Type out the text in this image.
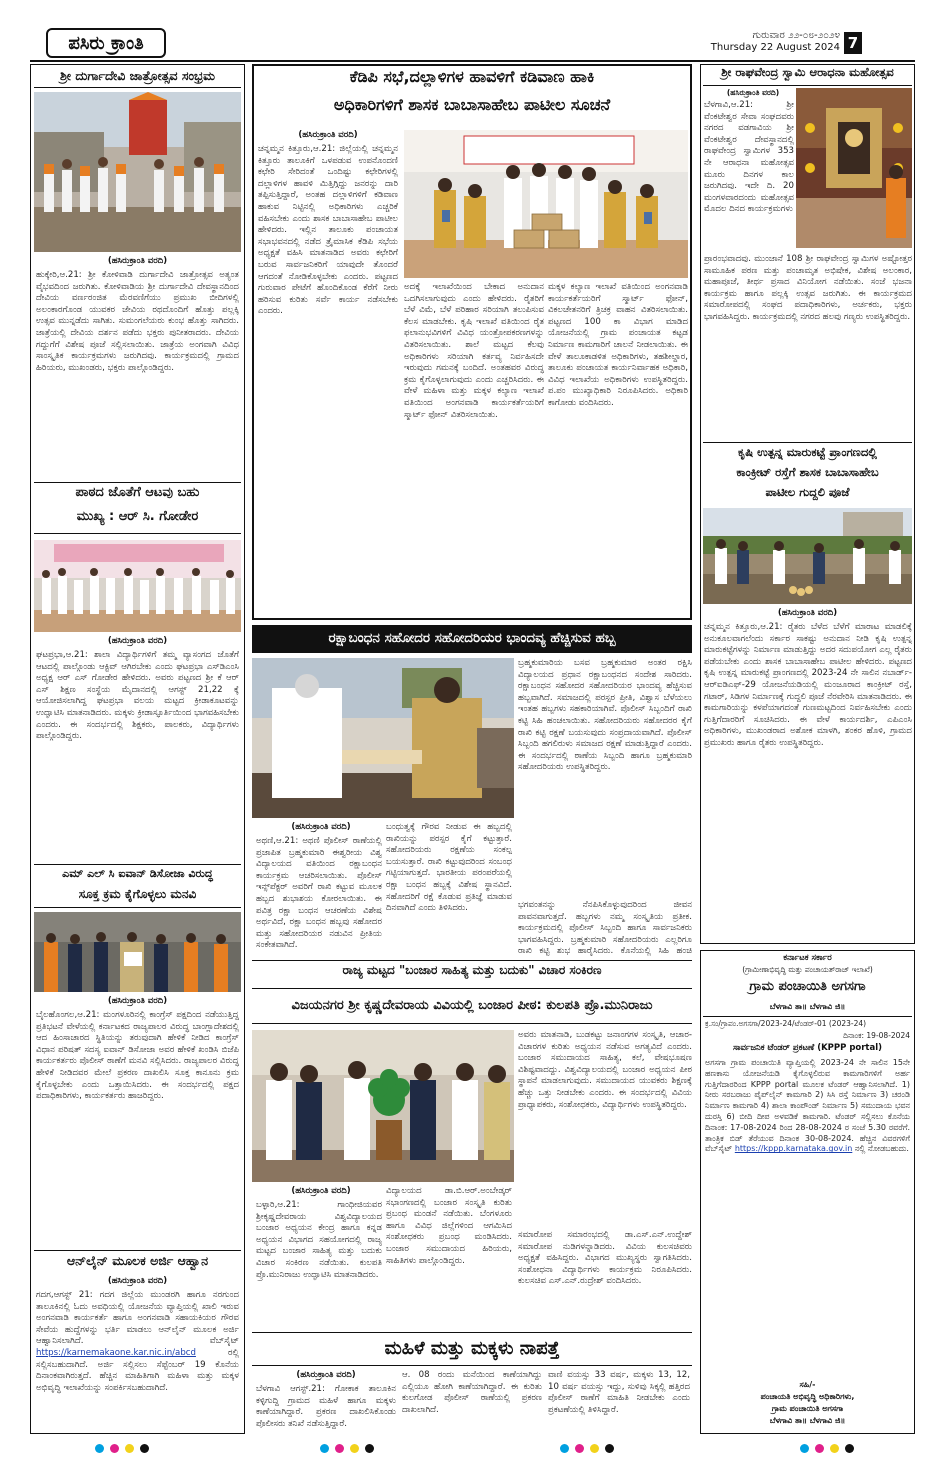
ಪಸಿರು ಕ್ರಾಂತಿ	ಗುರುವಾರ ೨೨-೦೮-೨೦೨೪
Thursday 22 August 2024 7
ಶ್ರೀ ದುರ್ಗಾದೇವಿ ಜಾತ್ರೋತ್ಸವ ಸಂಭ್ರಮ
(ಹಸಿರುಕ್ರಾಂತಿ ವರದಿ)
ಹುಕ್ಕೇರಿ,ಆ.21: ಶ್ರೀ ಕೋಳಿವಾಡಿ ದುರ್ಗಾದೇವಿ ಜಾತ್ರೋತ್ಸವ ಅತ್ಯಂತ ವೈಭವದಿಂದ ಜರುಗಿತು. ಕೋಳಿವಾಡಿಯ ಶ್ರೀ ದುರ್ಗಾದೇವಿ ದೇವಸ್ಥಾನದಿಂದ ದೇವಿಯ ವರ್ಣರಂಜಿತ ಮೆರವಣಿಗೆಯು ಪ್ರಮುಖ ಬೀದಿಗಳಲ್ಲಿ ಅಲಂಕಾರಗೊಂಡ ಯುವಕರ ಜೇವಿಯ ರಥದೊಂದಿಗೆ ಹೊತ್ತು ಪಲ್ಲಕ್ಕಿ ಉತ್ಸವ ಮುನ್ನಡೆದು ಸಾಗಿತು. ಸುಮಂಗಲೆಯರು ಕುಂಭ ಹೊತ್ತು ಸಾಗಿದರು. ಜಾತ್ರೆಯಲ್ಲಿ ದೇವಿಯ ದರ್ಶನ ಪಡೆದು ಭಕ್ತರು ಪುನೀತರಾದರು. ದೇವಿಯ ಗದ್ದುಗೆಗೆ ವಿಶೇಷ ಪೂಜೆ ಸಲ್ಲಿಸಲಾಯಿತು. ಜಾತ್ರೆಯ ಅಂಗವಾಗಿ ವಿವಿಧ ಸಾಂಸ್ಕೃತಿಕ ಕಾರ್ಯಕ್ರಮಗಳು ಜರುಗಿದವು. ಕಾರ್ಯಕ್ರಮದಲ್ಲಿ ಗ್ರಾಮದ ಹಿರಿಯರು, ಮುಖಂಡರು, ಭಕ್ತರು ಪಾಲ್ಗೊಂಡಿದ್ದರು.
ಪಾಠದ ಜೊತೆಗೆ ಆಟವು ಬಹು
ಮುಖ್ಯ : ಆರ್ ಸಿ. ಗೋಡೇರ
(ಹಸಿರುಕ್ರಾಂತಿ ವರದಿ)
ಘಟಪ್ರಭಾ,ಆ.21: ಶಾಲಾ ವಿದ್ಯಾರ್ಥಿಗಳಿಗೆ ತಮ್ಮ ವ್ಯಾಸಂಗದ ಜೊತೆಗೆ ಆಟದಲ್ಲಿ ಪಾಲ್ಗೊಂಡು ಆಕ್ಟಿವ್ ಆಗಿರಬೇಕು ಎಂದು ಘಟಪ್ರಭಾ ಎಸ್‌ಡಿಎಂಸಿ ಅಧ್ಯಕ್ಷ ಆರ್ ಎಸ್ ಗೋಡೇರ ಹೇಳಿದರು. ಅವರು ಪಟ್ಟಣದ ಶ್ರೀ ಕೆ ಆರ್ ಎಸ್ ಶಿಕ್ಷಣ ಸಂಸ್ಥೆಯ ಮೈದಾನದಲ್ಲಿ ಆಗಸ್ಟ್ 21,22 ಕ್ಕೆ ಆಯೋಜಿಸಲಾಗಿದ್ದ ಘಟಪ್ರಭಾ ವಲಯ ಮಟ್ಟದ ಕ್ರೀಡಾಕೂಟವನ್ನು ಉದ್ಘಾಟಿಸಿ ಮಾತನಾಡಿದರು. ಮಕ್ಕಳು ಕ್ರೀಡಾಸ್ಫೂರ್ತಿಯಿಂದ ಭಾಗವಹಿಸಬೇಕು ಎಂದರು. ಈ ಸಂದರ್ಭದಲ್ಲಿ ಶಿಕ್ಷಕರು, ಪಾಲಕರು, ವಿದ್ಯಾರ್ಥಿಗಳು ಪಾಲ್ಗೊಂಡಿದ್ದರು.
ಎಮ್ ಎಲ್ ಸಿ ಐವಾನ್ ಡಿಸೋಜಾ ವಿರುದ್ಧ
ಸೂಕ್ತ ಕ್ರಮ ಕೈಗೊಳ್ಳಲು ಮನವಿ
(ಹಸಿರುಕ್ರಾಂತಿ ವರದಿ)
ಬೈಲಹೊಂಗಲ,ಆ.21: ಮಂಗಳೂರಿನಲ್ಲಿ ಕಾಂಗ್ರೆಸ್ ಪಕ್ಷದಿಂದ ನಡೆಯುತ್ತಿದ್ದ ಪ್ರತಿಭಟನೆ ವೇಳೆಯಲ್ಲಿ ಕರ್ನಾಟಕದ ರಾಜ್ಯಪಾಲರ ವಿರುದ್ಧ ಬಾಂಗ್ಲಾದೇಶದಲ್ಲಿ ಆದ ಹಿಂಸಾಚಾರದ ಸ್ಥಿತಿಯನ್ನು ತರುವುದಾಗಿ ಹೇಳಿಕೆ ನೀಡಿದ ಕಾಂಗ್ರೆಸ್ ವಿಧಾನ ಪರಿಷತ್ ಸದಸ್ಯ ಐವಾನ್ ಡಿಸೋಜಾ ಅವರ ಹೇಳಿಕೆ ಖಂಡಿಸಿ ಬಿಜೆಪಿ ಕಾರ್ಯಕರ್ತರು ಪೊಲೀಸ್ ಠಾಣೆಗೆ ಮನವಿ ಸಲ್ಲಿಸಿದರು. ರಾಜ್ಯಪಾಲರ ವಿರುದ್ಧ ಹೇಳಿಕೆ ನೀಡಿದವರ ಮೇಲೆ ಪ್ರಕರಣ ದಾಖಲಿಸಿ ಸೂಕ್ತ ಕಾನೂನು ಕ್ರಮ ಕೈಗೊಳ್ಳಬೇಕು ಎಂದು ಒತ್ತಾಯಿಸಿದರು. ಈ ಸಂದರ್ಭದಲ್ಲಿ ಪಕ್ಷದ ಪದಾಧಿಕಾರಿಗಳು, ಕಾರ್ಯಕರ್ತರು ಹಾಜರಿದ್ದರು.
ಆನ್‌ಲೈನ್ ಮೂಲಕ ಅರ್ಜಿ ಆಹ್ವಾನ
(ಹಸಿರುಕ್ರಾಂತಿ ವರದಿ)
ಗದಗ,ಆಗಸ್ಟ್ 21: ಗದಗ ಜಿಲ್ಲೆಯ ಮುಂಡರಗಿ ಹಾಗೂ ನರಗುಂದ ತಾಲೂಕಿನಲ್ಲಿ ಓದು ಅವಧಿಯಲ್ಲಿ ಯೋಜನೆಯ ವ್ಯಾಪ್ತಿಯಲ್ಲಿ ಖಾಲಿ ಇರುವ ಅಂಗನವಾಡಿ ಕಾರ್ಯಕರ್ತೆ ಹಾಗೂ ಅಂಗನವಾಡಿ ಸಹಾಯಕಿಯರ ಗೌರವ ಸೇವೆಯ ಹುದ್ದೆಗಳನ್ನು ಭರ್ತಿ ಮಾಡಲು ಆನ್‌ಲೈನ್ ಮೂಲಕ ಅರ್ಜಿ ಆಹ್ವಾನಿಸಲಾಗಿದೆ. ವೆಬ್‌ಸೈಟ್ https://karnemakaone.kar.nic.in/abcd	ರಲ್ಲಿ ಸಲ್ಲಿಸಬಹುದಾಗಿದೆ. ಅರ್ಜಿ ಸಲ್ಲಿಸಲು ಸೆಪ್ಟೆಂಬರ್ 19 ಕೊನೆಯ ದಿನಾಂಕವಾಗಿರುತ್ತದೆ. ಹೆಚ್ಚಿನ ಮಾಹಿತಿಗಾಗಿ ಮಹಿಳಾ ಮತ್ತು ಮಕ್ಕಳ ಅಭಿವೃದ್ಧಿ ಇಲಾಖೆಯನ್ನು ಸಂಪರ್ಕಿಸಬಹುದಾಗಿದೆ.
ಕೆಡಿಪಿ ಸಭೆ,ದಲ್ಲಾಳಿಗಳ ಹಾವಳಿಗೆ ಕಡಿವಾಣ ಹಾಕಿ
ಅಧಿಕಾರಿಗಳಿಗೆ ಶಾಸಕ ಬಾಬಾಸಾಹೇಬ ಪಾಟೀಲ ಸೂಚನೆ
(ಹಸಿರುಕ್ರಾಂತಿ ವರದಿ)
ಚನ್ನಮ್ಮನ ಕಿತ್ತೂರು,ಆ.21: ಜಿಲ್ಲೆಯಲ್ಲಿ ಚನ್ನಮ್ಮನ ಕಿತ್ತೂರು ತಾಲೂಕಿಗೆ ಒಳಪಡುವ ಉಪನೊಂದಣಿ ಕಛೇರಿ ಸೇರಿದಂತೆ ಒಂದಿಷ್ಟು ಕಛೇರಿಗಳಲ್ಲಿ ದಲ್ಲಾಳಿಗಳ ಹಾವಳಿ ಮಿತ್ತಿಗ್ಗಿದ್ದು ಜನರನ್ನು ದಾರಿ ತಪ್ಪಿಸುತ್ತಿದ್ದಾರೆ, ಅಂತಹ ದಲ್ಲಾಳಿಗಳಿಗೆ ಕಡಿವಾಣ ಹಾಕುವ ನಿಟ್ಟಿನಲ್ಲಿ ಅಧಿಕಾರಿಗಳು ಎಚ್ಚರಿಕೆ ವಹಿಸಬೇಕು ಎಂದು ಶಾಸಕ ಬಾಬಾಸಾಹೇಬ ಪಾಟೀಲ ಹೇಳಿದರು. ಇಲ್ಲಿನ ತಾಲೂಕು ಪಂಚಾಯತ ಸಭಾಭವನದಲ್ಲಿ ನಡೆದ ತ್ರೈಮಾಸಿಕ ಕೆಡಿಪಿ ಸಭೆಯ ಅಧ್ಯಕ್ಷತೆ ವಹಿಸಿ ಮಾತನಾಡಿದ ಅವರು ಕಛೇರಿಗೆ ಬರುವ ಸಾರ್ವಜನಿಕರಿಗೆ ಯಾವುದೇ ತೊಂದರೆ ಆಗದಂತೆ ನೋಡಿಕೊಳ್ಳಬೇಕು ಎಂದರು. ಪಟ್ಟಣದ ಗುರುವಾರ ಪೇಟೆಗೆ ಹೊಂದಿಕೊಂಡ ಕೆರೆಗೆ ನೀರು ಹರಿಸುವ ಕುರಿತು ಸರ್ವೆ ಕಾರ್ಯ ನಡೆಸಬೇಕು ಎಂದರು.
ಅದಕ್ಕೆ ಇಲಾಖೆಯಿಂದ ಬೇಕಾದ ಅನುದಾನ ಒದಗಿಸಲಾಗುವುದು ಎಂದು ಹೇಳಿದರು. ರೈತರಿಗೆ ಬೆಳೆ ವಿಮೆ, ಬೆಳೆ ಪರಿಹಾರ ಸರಿಯಾಗಿ ತಲುಪಿಸುವ ಕೆಲಸ ಮಾಡಬೇಕು. ಕೃಷಿ ಇಲಾಖೆ ವತಿಯಿಂದ ರೈತ ಫಲಾನುಭವಿಗಳಿಗೆ ವಿವಿಧ ಯಂತ್ರೋಪಕರಣಗಳನ್ನು ವಿತರಿಸಲಾಯಿತು. ಶಾಲೆ ಮಟ್ಟದ ಕೆಲವು ಅಧಿಕಾರಿಗಳು ಸರಿಯಾಗಿ ಕರ್ತವ್ಯ ನಿರ್ವಹಿಸದೇ ಇರುವುದು ಗಮನಕ್ಕೆ ಬಂದಿದೆ. ಅಂತಹವರ ವಿರುದ್ಧ ಕ್ರಮ ಕೈಗೊಳ್ಳಲಾಗುವುದು ಎಂದು ಎಚ್ಚರಿಸಿದರು. ಈ ವೇಳೆ ಮಹಿಳಾ ಮತ್ತು ಮಕ್ಕಳ ಕಲ್ಯಾಣ ಇಲಾಖೆ ವತಿಯಿಂದ ಅಂಗನವಾಡಿ ಕಾರ್ಯಕರ್ತೆಯರಿಗೆ ಸ್ಮಾರ್ಟ್ ಫೋನ್ ವಿತರಿಸಲಾಯಿತು.
ಮಕ್ಕಳ ಕಲ್ಯಾಣ ಇಲಾಖೆ ವತಿಯಿಂದ ಅಂಗನವಾಡಿ ಕಾರ್ಯಕರ್ತೆಯರಿಗೆ ಸ್ಮಾರ್ಟ್ ಫೋನ್, ವಿಕಲಚೇತನರಿಗೆ ತ್ರಿಚಕ್ರ ವಾಹನ ವಿತರಿಸಲಾಯಿತು. ಪಟ್ಟಣದ 100 ಕಾ ವಿಭಾಗ ಮಾಡಿದ ಯೋಜನೆಯಲ್ಲಿ ಗ್ರಾಮ ಪಂಚಾಯತ ಕಟ್ಟಡ ನಿರ್ಮಾಣ ಕಾಮಗಾರಿಗೆ ಚಾಲನೆ ನೀಡಲಾಯಿತು. ಈ ವೇಳೆ ತಾಲೂಕಾಡಳಿತ ಅಧಿಕಾರಿಗಳು, ತಹಶೀಲ್ದಾರ, ತಾಲೂಕು ಪಂಚಾಯತ ಕಾರ್ಯನಿರ್ವಾಹಕ ಅಧಿಕಾರಿ, ವಿವಿಧ ಇಲಾಖೆಯ ಅಧಿಕಾರಿಗಳು ಉಪಸ್ಥಿತರಿದ್ದರು. ಪ.ಪಂ ಮುಖ್ಯಾಧಿಕಾರಿ ನಿರೂಪಿಸಿದರು. ಅಧಿಕಾರಿ ಕಾಗೋಡು ವಂದಿಸಿದರು.
ರಕ್ಷಾಬಂಧನ ಸಹೋದರ ಸಹೋದರಿಯರ ಭಾಂದವ್ಯ ಹೆಚ್ಚಿಸುವ ಹಬ್ಬ
ಬ್ರಹ್ಮಕುಮಾರಿಯ ಬಸವ ಬ್ರಹ್ಮಕುಮಾರ ಅಂತರ ರಕ್ಷಿಸಿ ವಿದ್ಯಾಲಯದ ಪ್ರಧಾನ ರಕ್ಷಾಬಂಧನದ ಸಂದೇಶ ಸಾರಿದರು. ರಕ್ಷಾಬಂಧನ ಸಹೋದರ ಸಹೋದರಿಯರ ಭಾಂದವ್ಯ ಹೆಚ್ಚಿಸುವ ಹಬ್ಬವಾಗಿದೆ. ಸಮಾಜದಲ್ಲಿ ಪರಸ್ಪರ ಪ್ರೀತಿ, ವಿಶ್ವಾಸ ಬೆಳೆಯಲು ಇಂತಹ ಹಬ್ಬಗಳು ಸಹಕಾರಿಯಾಗಿವೆ. ಪೊಲೀಸ್ ಸಿಬ್ಬಂದಿಗೆ ರಾಖಿ ಕಟ್ಟಿ ಸಿಹಿ ಹಂಚಲಾಯಿತು. ಸಹೋದರಿಯರು ಸಹೋದರರ ಕೈಗೆ ರಾಖಿ ಕಟ್ಟಿ ರಕ್ಷಣೆ ಬಯಸುವುದು ಸಂಪ್ರದಾಯವಾಗಿದೆ. ಪೊಲೀಸ್ ಸಿಬ್ಬಂದಿ ಹಗಲಿರುಳು ಸಮಾಜದ ರಕ್ಷಣೆ ಮಾಡುತ್ತಿದ್ದಾರೆ ಎಂದರು. ಈ ಸಂದರ್ಭದಲ್ಲಿ ಠಾಣೆಯ ಸಿಬ್ಬಂದಿ ಹಾಗೂ ಬ್ರಹ್ಮಕುಮಾರಿ ಸಹೋದರಿಯರು ಉಪಸ್ಥಿತರಿದ್ದರು.
(ಹಸಿರುಕ್ರಾಂತಿ ವರದಿ)
ಅಥಣಿ,ಆ.21: ಅಥಣಿ ಪೊಲೀಸ್ ಠಾಣೆಯಲ್ಲಿ ಪ್ರಜಾಪಿತ ಬ್ರಹ್ಮಕುಮಾರಿ ಈಶ್ವರೀಯ ವಿಶ್ವ ವಿದ್ಯಾಲಯದ ವತಿಯಿಂದ ರಕ್ಷಾಬಂಧನ ಕಾರ್ಯಕ್ರಮ ಆಚರಿಸಲಾಯಿತು. ಪೊಲೀಸ್ ಇನ್ಸ್‌ಪೆಕ್ಟರ್ ಅವರಿಗೆ ರಾಖಿ ಕಟ್ಟುವ ಮೂಲಕ ಹಬ್ಬದ ಶುಭಾಶಯ ಕೋರಲಾಯಿತು. ಈ ಪವಿತ್ರ ರಕ್ಷಾ ಬಂಧನ ಆಚರಣೆಯ ವಿಶೇಷ ಅರ್ಥವಿದೆ, ರಕ್ಷಾ ಬಂಧನ ಹಬ್ಬವು ಸಹೋದರ ಮತ್ತು ಸಹೋದರಿಯರ ನಡುವಿನ ಪ್ರೀತಿಯ ಸಂಕೇತವಾಗಿದೆ.
ಬಂಧುತ್ವಕ್ಕೆ ಗೌರವ ನೀಡುವ ಈ ಹಬ್ಬದಲ್ಲಿ ರಾಖಿಯನ್ನು ಪರಸ್ಪರ ಕೈಗೆ ಕಟ್ಟುತ್ತಾರೆ. ಸಹೋದರಿಯರು ರಕ್ಷಣೆಯ ಸಂಕಲ್ಪ ಬಯಸುತ್ತಾರೆ. ರಾಖಿ ಕಟ್ಟುವುದರಿಂದ ಸಂಬಂಧ ಗಟ್ಟಿಯಾಗುತ್ತದೆ. ಭಾರತೀಯ ಪರಂಪರೆಯಲ್ಲಿ ರಕ್ಷಾ ಬಂಧನ ಹಬ್ಬಕ್ಕೆ ವಿಶೇಷ ಸ್ಥಾನವಿದೆ. ಸಹೋದರಿಗೆ ರಕ್ಷೆ ಕೊಡುವ ಪ್ರತಿಜ್ಞೆ ಮಾಡುವ ದಿನವಾಗಿದೆ ಎಂದು ತಿಳಿಸಿದರು.	ಭಗವಂತನನ್ನು ನೆನಪಿಸಿಕೊಳ್ಳುವುದರಿಂದ ಜೀವನ ಪಾವನವಾಗುತ್ತದೆ. ಹಬ್ಬಗಳು ನಮ್ಮ ಸಂಸ್ಕೃತಿಯ ಪ್ರತೀಕ. ಕಾರ್ಯಕ್ರಮದಲ್ಲಿ ಪೊಲೀಸ್ ಸಿಬ್ಬಂದಿ ಹಾಗೂ ಸಾರ್ವಜನಿಕರು ಭಾಗವಹಿಸಿದ್ದರು. ಬ್ರಹ್ಮಕುಮಾರಿ ಸಹೋದರಿಯರು ಎಲ್ಲರಿಗೂ ರಾಖಿ ಕಟ್ಟಿ ಶುಭ ಹಾರೈಸಿದರು. ಕೊನೆಯಲ್ಲಿ ಸಿಹಿ ಹಂಚಿ
ರಾಜ್ಯ ಮಟ್ಟದ "ಬಂಜಾರ ಸಾಹಿತ್ಯ ಮತ್ತು ಬದುಕು" ವಿಚಾರ ಸಂಕಿರಣ
ವಿಜಯನಗರ ಶ್ರೀ ಕೃಷ್ಣದೇವರಾಯ ವಿವಿಯಲ್ಲಿ ಬಂಜಾರ ಪೀಠ: ಕುಲಪತಿ ಪ್ರೊ.ಮುನಿರಾಜು
ಅವರು ಮಾತನಾಡಿ, ಬುಡಕಟ್ಟು ಜನಾಂಗಗಳ ಸಂಸ್ಕೃತಿ, ಆಚಾರ-ವಿಚಾರಗಳ ಕುರಿತು ಅಧ್ಯಯನ ನಡೆಸುವ ಅಗತ್ಯವಿದೆ ಎಂದರು. ಬಂಜಾರ ಸಮುದಾಯದ ಸಾಹಿತ್ಯ, ಕಲೆ, ವೇಷಭೂಷಣ ವಿಶಿಷ್ಟವಾದದ್ದು. ವಿಶ್ವವಿದ್ಯಾಲಯದಲ್ಲಿ ಬಂಜಾರ ಅಧ್ಯಯನ ಪೀಠ ಸ್ಥಾಪನೆ ಮಾಡಲಾಗುವುದು. ಸಮುದಾಯದ ಯುವಕರು ಶಿಕ್ಷಣಕ್ಕೆ ಹೆಚ್ಚು ಒತ್ತು ನೀಡಬೇಕು ಎಂದರು. ಈ ಸಂದರ್ಭದಲ್ಲಿ ವಿವಿಯ ಪ್ರಾಧ್ಯಾಪಕರು, ಸಂಶೋಧಕರು, ವಿದ್ಯಾರ್ಥಿಗಳು ಉಪಸ್ಥಿತರಿದ್ದರು.
(ಹಸಿರುಕ್ರಾಂತಿ ವರದಿ)
ಬಳ್ಳಾರಿ,ಆ.21: ಗಾಂಧೀಜಿಯವರ ಶ್ರೀಕೃಷ್ಣದೇವರಾಯ ವಿಶ್ವವಿದ್ಯಾಲಯದ ಬಂಜಾರ ಅಧ್ಯಯನ ಕೇಂದ್ರ ಹಾಗೂ ಕನ್ನಡ ಅಧ್ಯಯನ ವಿಭಾಗದ ಸಹಯೋಗದಲ್ಲಿ ರಾಜ್ಯ ಮಟ್ಟದ ಬಂಜಾರ ಸಾಹಿತ್ಯ ಮತ್ತು ಬದುಕು ವಿಚಾರ ಸಂಕಿರಣ ನಡೆಯಿತು. ಕುಲಪತಿ ಪ್ರೊ.ಮುನಿರಾಜು ಉದ್ಘಾಟಿಸಿ ಮಾತನಾಡಿದರು.
ವಿದ್ಯಾಲಯದ ಡಾ.ಬಿ.ಆರ್.ಅಂಬೇಡ್ಕರ್ ಸಭಾಂಗಣದಲ್ಲಿ ಬಂಜಾರ ಸಂಸ್ಕೃತಿ ಕುರಿತು ಪ್ರಬಂಧ ಮಂಡನೆ ನಡೆಯಿತು. ಬೆಂಗಳೂರು ಹಾಗೂ ವಿವಿಧ ಜಿಲ್ಲೆಗಳಿಂದ ಆಗಮಿಸಿದ ಸಂಶೋಧಕರು ಪ್ರಬಂಧ ಮಂಡಿಸಿದರು. ಬಂಜಾರ ಸಮುದಾಯದ ಹಿರಿಯರು, ಸಾಹಿತಿಗಳು ಪಾಲ್ಗೊಂಡಿದ್ದರು.
ಸಮಾರೋಪ ಸಮಾರಂಭದಲ್ಲಿ ಡಾ.ಎಸ್.ಎನ್.ಉದ್ದೇಶ್ ಸಮಾರೋಪ ನುಡಿಗಳನ್ನಾಡಿದರು. ವಿವಿಯ ಕುಲಸಚಿವರು ಅಧ್ಯಕ್ಷತೆ ವಹಿಸಿದ್ದರು. ವಿಭಾಗದ ಮುಖ್ಯಸ್ಥರು ಸ್ವಾಗತಿಸಿದರು. ಸಂಶೋಧನಾ ವಿದ್ಯಾರ್ಥಿಗಳು ಕಾರ್ಯಕ್ರಮ ನಿರೂಪಿಸಿದರು. ಕುಲಸಚಿವ ಎಸ್.ಎನ್.ರುದ್ರೇಶ್ ವಂದಿಸಿದರು.
ಮಹಿಳೆ ಮತ್ತು ಮಕ್ಕಳು ನಾಪತ್ತೆ
(ಹಸಿರುಕ್ರಾಂತಿ ವರದಿ)
ಬೆಳಗಾವಿ ಆಗಸ್ಟ್.21: ಗೋಕಾಕ ತಾಲೂಕಿನ ಕಳ್ಳಿಗುದ್ದಿ ಗ್ರಾಮದ ಮಹಿಳೆ ಹಾಗೂ ಮಕ್ಕಳು ಕಾಣೆಯಾಗಿದ್ದಾರೆ. ಪ್ರಕರಣ ದಾಖಲಿಸಿಕೊಂಡು ಪೊಲೀಸರು ತನಿಖೆ ನಡೆಸುತ್ತಿದ್ದಾರೆ.
ಆ. 08 ರಂದು ಮನೆಯಿಂದ ಕಾಣೆಯಾಗಿದ್ದು ಎಲ್ಲಿಯೂ ಹೋಗಿ ಕಾಣೆಯಾಗಿದ್ದಾರೆ. ಈ ಕುರಿತು ಕುಲಗೋಡ ಪೊಲೀಸ್ ಠಾಣೆಯಲ್ಲಿ ಪ್ರಕರಣ ದಾಖಲಾಗಿದೆ.
ವಾಣಿ ವಯಸ್ಸು 33 ವರ್ಷ, ಮಕ್ಕಳು 13, 12, 10 ವರ್ಷ ವಯಸ್ಸು ಇದ್ದು, ಸುಳಿವು ಸಿಕ್ಕಲ್ಲಿ ಹತ್ತಿರದ ಪೊಲೀಸ್ ಠಾಣೆಗೆ ಮಾಹಿತಿ ನೀಡಬೇಕು ಎಂದು ಪ್ರಕಟಣೆಯಲ್ಲಿ ತಿಳಿಸಿದ್ದಾರೆ.
ಶ್ರೀ ರಾಘವೇಂದ್ರ ಸ್ವಾಮಿ ಆರಾಧನಾ ಮಹೋತ್ಸವ
(ಹಸಿರುಕ್ರಾಂತಿ ವರದಿ)
ಬೆಳಗಾವಿ,ಆ.21: ಶ್ರೀ ವೆಂಕಟೇಶ್ವರ ಸೇವಾ ಸಂಘದವರು ನಗರದ ವಡಗಾವಿಯ ಶ್ರೀ ವೆಂಕಟೇಶ್ವರ ದೇವಸ್ಥಾನದಲ್ಲಿ ರಾಘವೇಂದ್ರ ಸ್ವಾಮಿಗಳ 353 ನೇ ಆರಾಧನಾ ಮಹೋತ್ಸವ ಮೂರು ದಿನಗಳ ಕಾಲ ಜರುಗಿದವು. ಇದೇ ದಿ. 20 ಮಂಗಳವಾರದಂದು ಮಹೋತ್ಸವ ಮೊದಲ ದಿನದ ಕಾರ್ಯಕ್ರಮಗಳು
ಪ್ರಾರಂಭವಾದವು. ಮುಂಜಾನೆ 108 ಶ್ರೀ ರಾಘವೇಂದ್ರ ಸ್ವಾಮಿಗಳ ಅಷ್ಟೋತ್ತರ ಸಾಮೂಹಿಕ ಪಠಣ ಮತ್ತು ಪಂಚಾಮೃತ ಅಭಿಷೇಕ, ವಿಶೇಷ ಅಲಂಕಾರ, ಮಹಾಪೂಜೆ, ತೀರ್ಥ ಪ್ರಸಾದ ವಿನಿಯೋಗ ನಡೆಯಿತು. ಸಂಜೆ ಭಜನಾ ಕಾರ್ಯಕ್ರಮ ಹಾಗೂ ಪಲ್ಲಕ್ಕಿ ಉತ್ಸವ ಜರುಗಿತು. ಈ ಕಾರ್ಯಕ್ರಮದ ಸಮಾರೋಪದಲ್ಲಿ ಸಂಘದ ಪದಾಧಿಕಾರಿಗಳು, ಅರ್ಚಕರು, ಭಕ್ತರು ಭಾಗವಹಿಸಿದ್ದರು. ಕಾರ್ಯಕ್ರಮದಲ್ಲಿ ನಗರದ ಹಲವು ಗಣ್ಯರು ಉಪಸ್ಥಿತರಿದ್ದರು.
ಕೃಷಿ ಉತ್ಪನ್ನ ಮಾರುಕಟ್ಟೆ ಪ್ರಾಂಗಣದಲ್ಲಿ
ಕಾಂಕ್ರೀಟ್ ರಸ್ತೆಗೆ ಶಾಸಕ ಬಾಬಾಸಾಹೇಬ
ಪಾಟೀಲ ಗುದ್ದಲಿ ಪೂಜೆ
(ಹಸಿರುಕ್ರಾಂತಿ ವರದಿ)
ಚನ್ನಮ್ಮನ ಕಿತ್ತೂರು,ಆ.21: ರೈತರು ಬೆಳೆದ ಬೆಳೆಗೆ ಮಾರಾಟ ಮಾಡಲಿಕ್ಕೆ ಅನುಕೂಲವಾಗಲೆಂದು ಸರ್ಕಾರ ಸಾಕಷ್ಟು ಅನುದಾನ ನೀಡಿ ಕೃಷಿ ಉತ್ಪನ್ನ ಮಾರುಕಟ್ಟೆಗಳನ್ನು ನಿರ್ಮಾಣ ಮಾಡುತ್ತಿದ್ದು ಅದರ ಸದುಪಯೋಗ ಎಲ್ಲ ರೈತರು ಪಡೆಯಬೇಕು ಎಂದು ಶಾಸಕ ಬಾಬಾಸಾಹೇಬ ಪಾಟೀಲ ಹೇಳಿದರು. ಪಟ್ಟಣದ ಕೃಷಿ ಉತ್ಪನ್ನ ಮಾರುಕಟ್ಟೆ ಪ್ರಾಂಗಣದಲ್ಲಿ 2023-24 ನೇ ಸಾಲಿನ ನಬಾರ್ಡ್-ಆರ್‌ಐಡಿಎಫ್-29 ಯೋಜನೆಯಡಿಯಲ್ಲಿ ಮಂಜೂರಾದ ಕಾಂಕ್ರೀಟ್ ರಸ್ತೆ, ಗಟಾರ್, ಸಿಡಿಗಳ ನಿರ್ಮಾಣಕ್ಕೆ ಗುದ್ದಲಿ ಪೂಜೆ ನೆರವೇರಿಸಿ ಮಾತನಾಡಿದರು. ಈ ಕಾಮಗಾರಿಯನ್ನು ಕಳಪೆಯಾಗದಂತೆ ಗುಣಮಟ್ಟದಿಂದ ನಿರ್ವಹಿಸಬೇಕು ಎಂದು ಗುತ್ತಿಗೆದಾರರಿಗೆ ಸೂಚಿಸಿದರು. ಈ ವೇಳೆ ಕಾರ್ಯದರ್ಶಿ, ಎಪಿಎಂಸಿ ಅಧಿಕಾರಿಗಳು, ಮುಖಂಡರಾದ ಅಶೋಕ ಮಾಳಗಿ, ಶಂಕರ ಹೊಳಿ, ಗ್ರಾಮದ ಪ್ರಮುಖರು ಹಾಗೂ ರೈತರು ಉಪಸ್ಥಿತರಿದ್ದರು.
ಕರ್ನಾಟಕ ಸರ್ಕಾರ
(ಗ್ರಾಮೀಣಾಭಿವೃದ್ಧಿ ಮತ್ತು ಪಂಚಾಯತ್‌ರಾಜ್ ಇಲಾಖೆ)
ಗ್ರಾಮ ಪಂಚಾಯಿತಿ ಅಗಸಗಾ
ಬೆಳಗಾವಿ ತಾ॥ ಬೆಳಗಾವಿ ಜಿ॥
ಕ್ರ.ಸಂ/ಗ್ರಾಪಂ.ಅಗಸಗಾ/2023-24/ಟೆಂಡರ್-01 (2023-24)
ದಿನಾಂಕ: 19-08-2024
ಸಾರ್ವಜನಿಕ ಟೆಂಡರ್ ಪ್ರಕಟಣೆ (KPPP portal)
ಅಗಸಗಾ ಗ್ರಾಮ ಪಂಚಾಯಿತಿ ವ್ಯಾಪ್ತಿಯಲ್ಲಿ 2023-24 ನೇ ಸಾಲಿನ 15ನೇ ಹಣಕಾಸು ಯೋಜನೆಯಡಿ ಕೈಗೊಳ್ಳಲಿರುವ ಕಾಮಗಾರಿಗಳಿಗೆ ಅರ್ಹ ಗುತ್ತಿಗೆದಾರರಿಂದ KPPP portal ಮೂಲಕ ಟೆಂಡರ್ ಆಹ್ವಾನಿಸಲಾಗಿದೆ. 1) ನೀರು ಸರಬರಾಜು ಪೈಪ್‌ಲೈನ್ ಕಾಮಗಾರಿ 2) ಸಿಸಿ ರಸ್ತೆ ನಿರ್ಮಾಣ 3) ಚರಂಡಿ ನಿರ್ಮಾಣ ಕಾಮಗಾರಿ 4) ಶಾಲಾ ಕಾಂಪೌಂಡ್ ನಿರ್ಮಾಣ 5) ಸಮುದಾಯ ಭವನ ದುರಸ್ತಿ 6) ಬೀದಿ ದೀಪ ಅಳವಡಿಕೆ ಕಾಮಗಾರಿ. ಟೆಂಡರ್ ಸಲ್ಲಿಸಲು ಕೊನೆಯ ದಿನಾಂಕ: 17-08-2024 ರಿಂದ 28-08-2024 ರ ಸಂಜೆ 5.30 ರವರೆಗೆ. ತಾಂತ್ರಿಕ ಬಿಡ್ ತೆರೆಯುವ ದಿನಾಂಕ 30-08-2024. ಹೆಚ್ಚಿನ ವಿವರಗಳಿಗೆ ವೆಬ್‌ಸೈಟ್ https://kppp.karnataka.gov.in ನಲ್ಲಿ ನೋಡಬಹುದು.
ಸಹಿ/-
ಪಂಚಾಯತಿ ಅಭಿವೃದ್ಧಿ ಅಧಿಕಾರಿಗಳು,
ಗ್ರಾಮ ಪಂಚಾಯಿತಿ ಅಗಸಗಾ
ಬೆಳಗಾವಿ ತಾ॥ ಬೆಳಗಾವಿ ಜಿ॥
